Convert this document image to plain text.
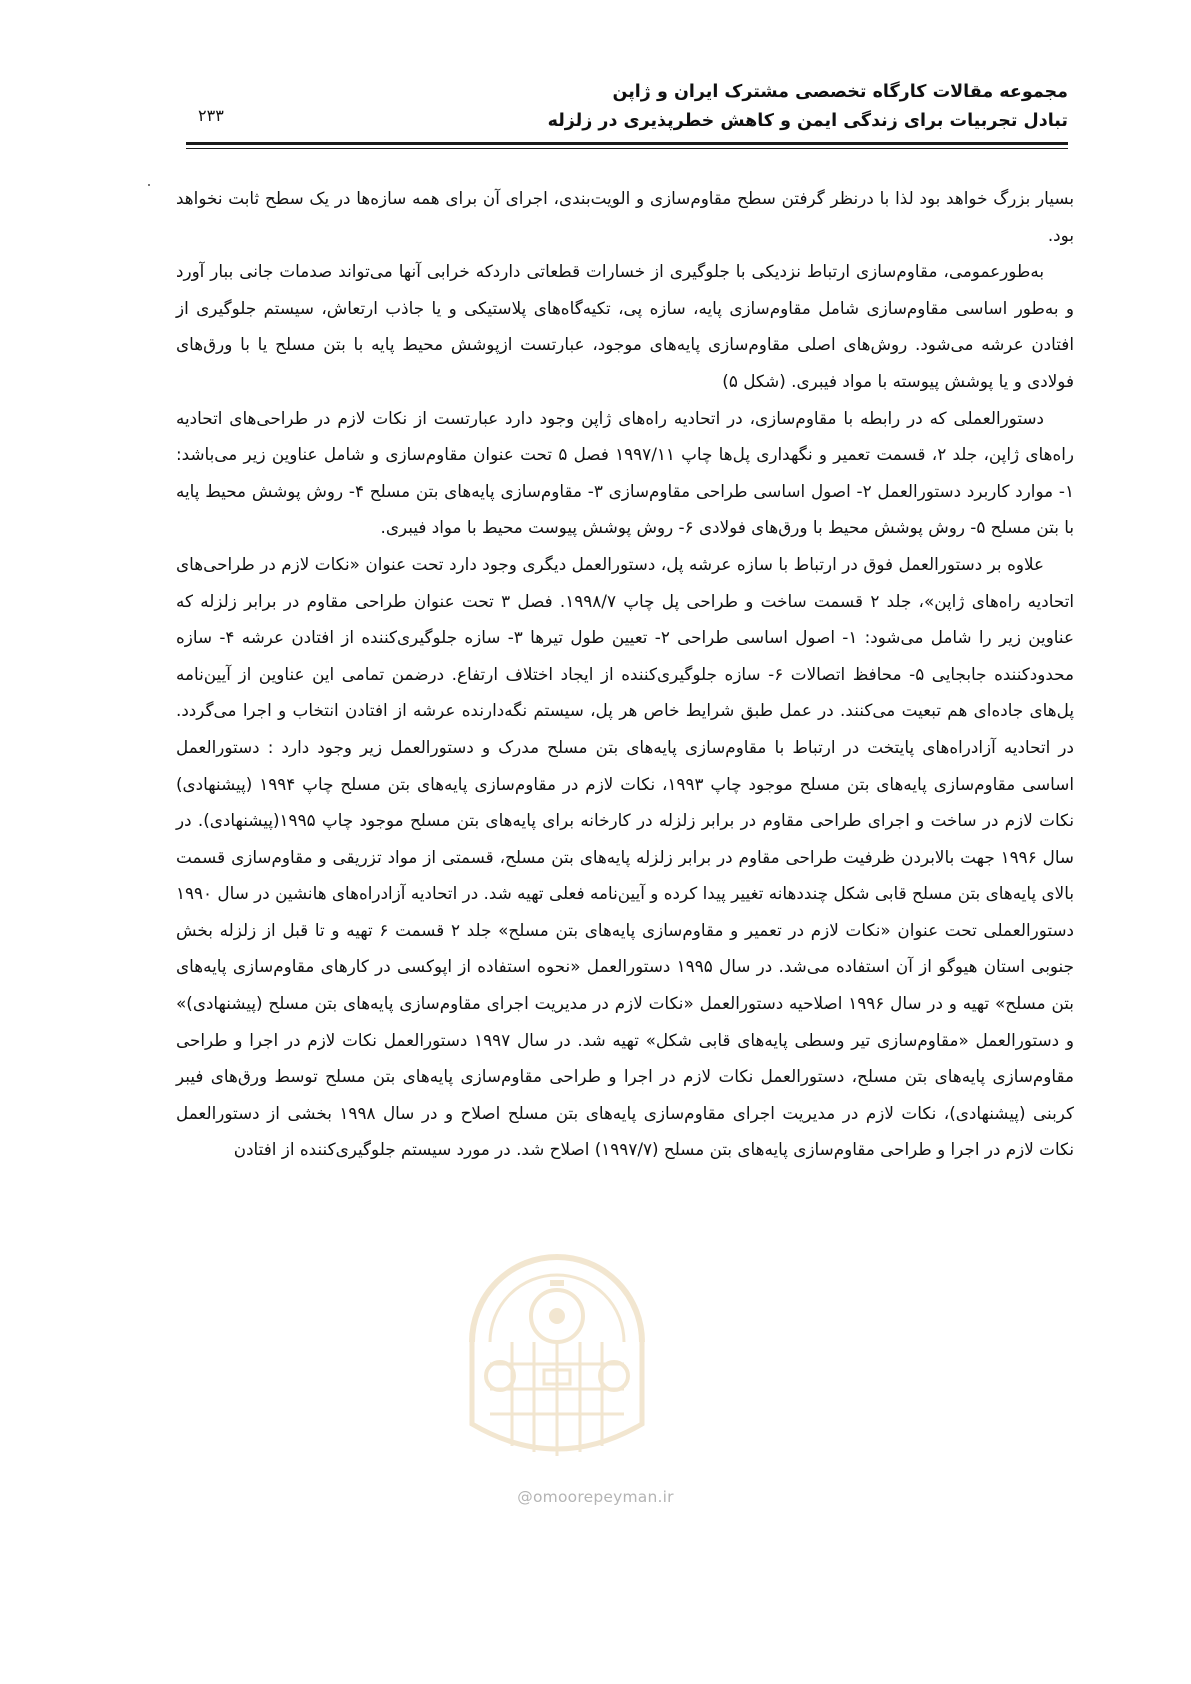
مجموعه مقالات کارگاه تخصصی مشترک ایران و ژاپن
تبادل تجربیات برای زندگی ایمن و کاهش خطرپذیری در زلزله
۲۳۳

بسیار بزرگ خواهد بود لذا با درنظر گرفتن سطح مقاوم‌سازی و الویت‌بندی، اجرای آن برای همه سازه‌ها در یک سطح ثابت نخواهد بود.

به‌طورعمومی، مقاوم‌سازی ارتباط نزدیکی با جلوگیری از خسارات قطعاتی داردکه خرابی آنها می‌تواند صدمات جانی ببار آورد و به‌طور اساسی مقاوم‌سازی شامل مقاوم‌سازی پایه، سازه پی، تکیه‌گاه‌های پلاستیکی و یا جاذب ارتعاش، سیستم جلوگیری از افتادن عرشه می‌شود. روش‌های اصلی مقاوم‌سازی پایه‌های موجود، عبارتست ازپوشش محیط پایه با بتن مسلح یا با ورق‌های فولادی و یا پوشش پیوسته با مواد فیبری. (شکل ۵)

دستورالعملی که در رابطه با مقاوم‌سازی، در اتحادیه راه‌های ژاپن وجود دارد عبارتست از نکات لازم در طراحی‌های اتحادیه راه‌های ژاپن، جلد ۲، قسمت تعمیر و نگهداری پل‌ها چاپ ۱۹۹۷/۱۱ فصل ۵ تحت عنوان مقاوم‌سازی و شامل عناوین زیر می‌باشد: ۱- موارد کاربرد دستورالعمل ۲- اصول اساسی طراحی مقاوم‌سازی ۳- مقاوم‌سازی پایه‌های بتن مسلح ۴- روش پوشش محیط پایه با بتن مسلح ۵- روش پوشش محیط با ورق‌های فولادی ۶- روش پوشش پیوست محیط با مواد فیبری.

علاوه بر دستورالعمل فوق در ارتباط با سازه عرشه پل، دستورالعمل دیگری وجود دارد تحت عنوان «نکات لازم در طراحی‌های اتحادیه راه‌های ژاپن»، جلد ۲ قسمت ساخت و طراحی پل چاپ ۱۹۹۸/۷. فصل ۳ تحت عنوان طراحی مقاوم در برابر زلزله که عناوین زیر را شامل می‌شود: ۱- اصول اساسی طراحی ۲- تعیین طول تیرها ۳- سازه جلوگیری‌کننده از افتادن عرشه ۴- سازه محدودکننده جابجایی ۵- محافظ اتصالات ۶- سازه جلوگیری‌کننده از ایجاد اختلاف ارتفاع. درضمن تمامی این عناوین از آیین‌نامه پل‌های جاده‌ای هم تبعیت می‌کنند. در عمل طبق شرایط خاص هر پل، سیستم نگه‌دارنده عرشه از افتادن انتخاب و اجرا می‌گردد. در اتحادیه آزادراه‌های پایتخت در ارتباط با مقاوم‌سازی پایه‌های بتن مسلح مدرک و دستورالعمل زیر وجود دارد : دستورالعمل اساسی مقاوم‌سازی پایه‌های بتن مسلح موجود چاپ ۱۹۹۳، نکات لازم در مقاوم‌سازی پایه‌های بتن مسلح چاپ ۱۹۹۴ (پیشنهادی) نکات لازم در ساخت و اجرای طراحی مقاوم در برابر زلزله در کارخانه برای پایه‌های بتن مسلح موجود چاپ ۱۹۹۵(پیشنهادی). در سال ۱۹۹۶ جهت بالابردن ظرفیت طراحی مقاوم در برابر زلزله پایه‌های بتن مسلح، قسمتی از مواد تزریقی و مقاوم‌سازی قسمت بالای پایه‌های بتن مسلح قابی شکل چنددهانه تغییر پیدا کرده و آیین‌نامه فعلی تهیه شد. در اتحادیه آزادراه‌های هانشین در سال ۱۹۹۰ دستورالعملی تحت عنوان «نکات لازم در تعمیر و مقاوم‌سازی پایه‌های بتن مسلح» جلد ۲ قسمت ۶ تهیه و تا قبل از زلزله بخش جنوبی استان هیوگو از آن استفاده می‌شد. در سال ۱۹۹۵ دستورالعمل «نحوه استفاده از اپوکسی در کارهای مقاوم‌سازی پایه‌های بتن مسلح» تهیه و در سال ۱۹۹۶ اصلاحیه دستورالعمل «نکات لازم در مدیریت اجرای مقاوم‌سازی پایه‌های بتن مسلح (پیشنهادی)» و دستورالعمل «مقاوم‌سازی تیر وسطی پایه‌های قابی شکل» تهیه شد. در سال ۱۹۹۷ دستورالعمل نکات لازم در اجرا و طراحی مقاوم‌سازی پایه‌های بتن مسلح، دستورالعمل نکات لازم در اجرا و طراحی مقاوم‌سازی پایه‌های بتن مسلح توسط ورق‌های فیبر کربنی (پیشنهادی)، نکات لازم در مدیریت اجرای مقاوم‌سازی پایه‌های بتن مسلح اصلاح و در سال ۱۹۹۸ بخشی از دستورالعمل نکات لازم در اجرا و طراحی مقاوم‌سازی پایه‌های بتن مسلح (۱۹۹۷/۷) اصلاح شد. در مورد سیستم جلوگیری‌کننده از افتادن

@omoorepeyman.ir
